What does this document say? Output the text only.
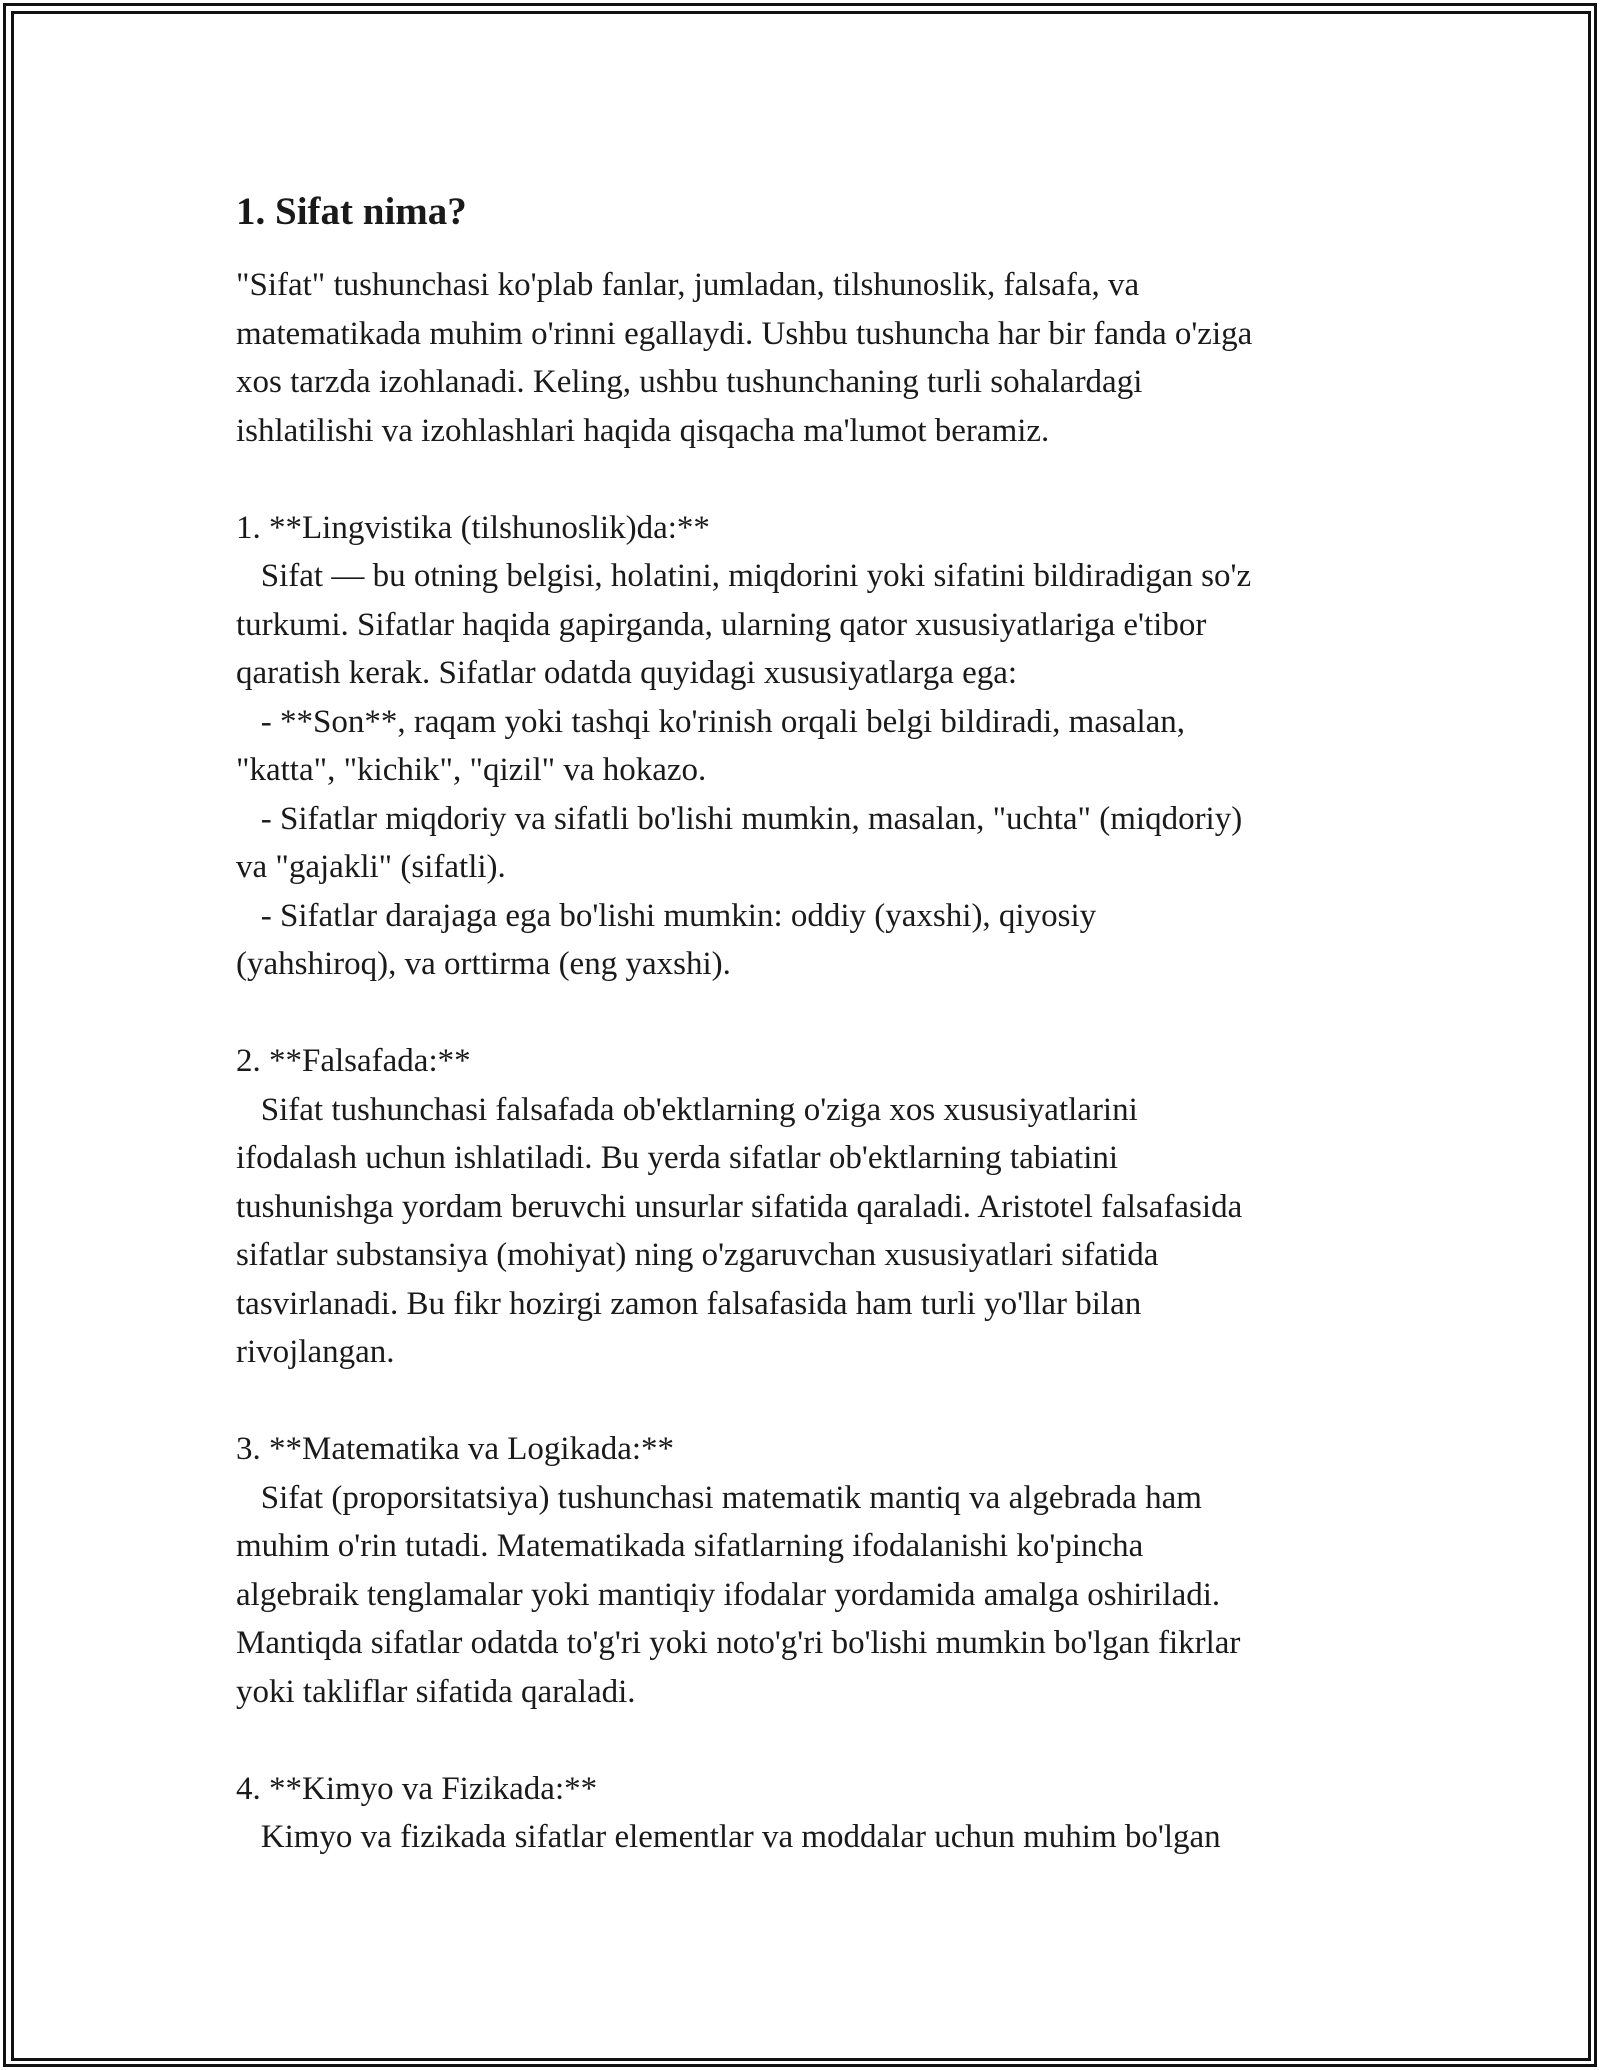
1. Sifat nima?
"Sifat" tushunchasi ko'plab fanlar, jumladan, tilshunoslik, falsafa, va
matematikada muhim o'rinni egallaydi. Ushbu tushuncha har bir fanda o'ziga
xos tarzda izohlanadi. Keling, ushbu tushunchaning turli sohalardagi
ishlatilishi va izohlashlari haqida qisqacha ma'lumot beramiz.
1. **Lingvistika (tilshunoslik)da:**
Sifat — bu otning belgisi, holatini, miqdorini yoki sifatini bildiradigan so'z
turkumi. Sifatlar haqida gapirganda, ularning qator xususiyatlariga e'tibor
qaratish kerak. Sifatlar odatda quyidagi xususiyatlarga ega:
- **Son**, raqam yoki tashqi ko'rinish orqali belgi bildiradi, masalan,
"katta", "kichik", "qizil" va hokazo.
- Sifatlar miqdoriy va sifatli bo'lishi mumkin, masalan, "uchta" (miqdoriy)
va "gajakli" (sifatli).
- Sifatlar darajaga ega bo'lishi mumkin: oddiy (yaxshi), qiyosiy
(yahshiroq), va orttirma (eng yaxshi).
2. **Falsafada:**
Sifat tushunchasi falsafada ob'ektlarning o'ziga xos xususiyatlarini
ifodalash uchun ishlatiladi. Bu yerda sifatlar ob'ektlarning tabiatini
tushunishga yordam beruvchi unsurlar sifatida qaraladi. Aristotel falsafasida
sifatlar substansiya (mohiyat) ning o'zgaruvchan xususiyatlari sifatida
tasvirlanadi. Bu fikr hozirgi zamon falsafasida ham turli yo'llar bilan
rivojlangan.
3. **Matematika va Logikada:**
Sifat (proporsitatsiya) tushunchasi matematik mantiq va algebrada ham
muhim o'rin tutadi. Matematikada sifatlarning ifodalanishi ko'pincha
algebraik tenglamalar yoki mantiqiy ifodalar yordamida amalga oshiriladi.
Mantiqda sifatlar odatda to'g'ri yoki noto'g'ri bo'lishi mumkin bo'lgan fikrlar
yoki takliflar sifatida qaraladi.
4. **Kimyo va Fizikada:**
Kimyo va fizikada sifatlar elementlar va moddalar uchun muhim bo'lgan
